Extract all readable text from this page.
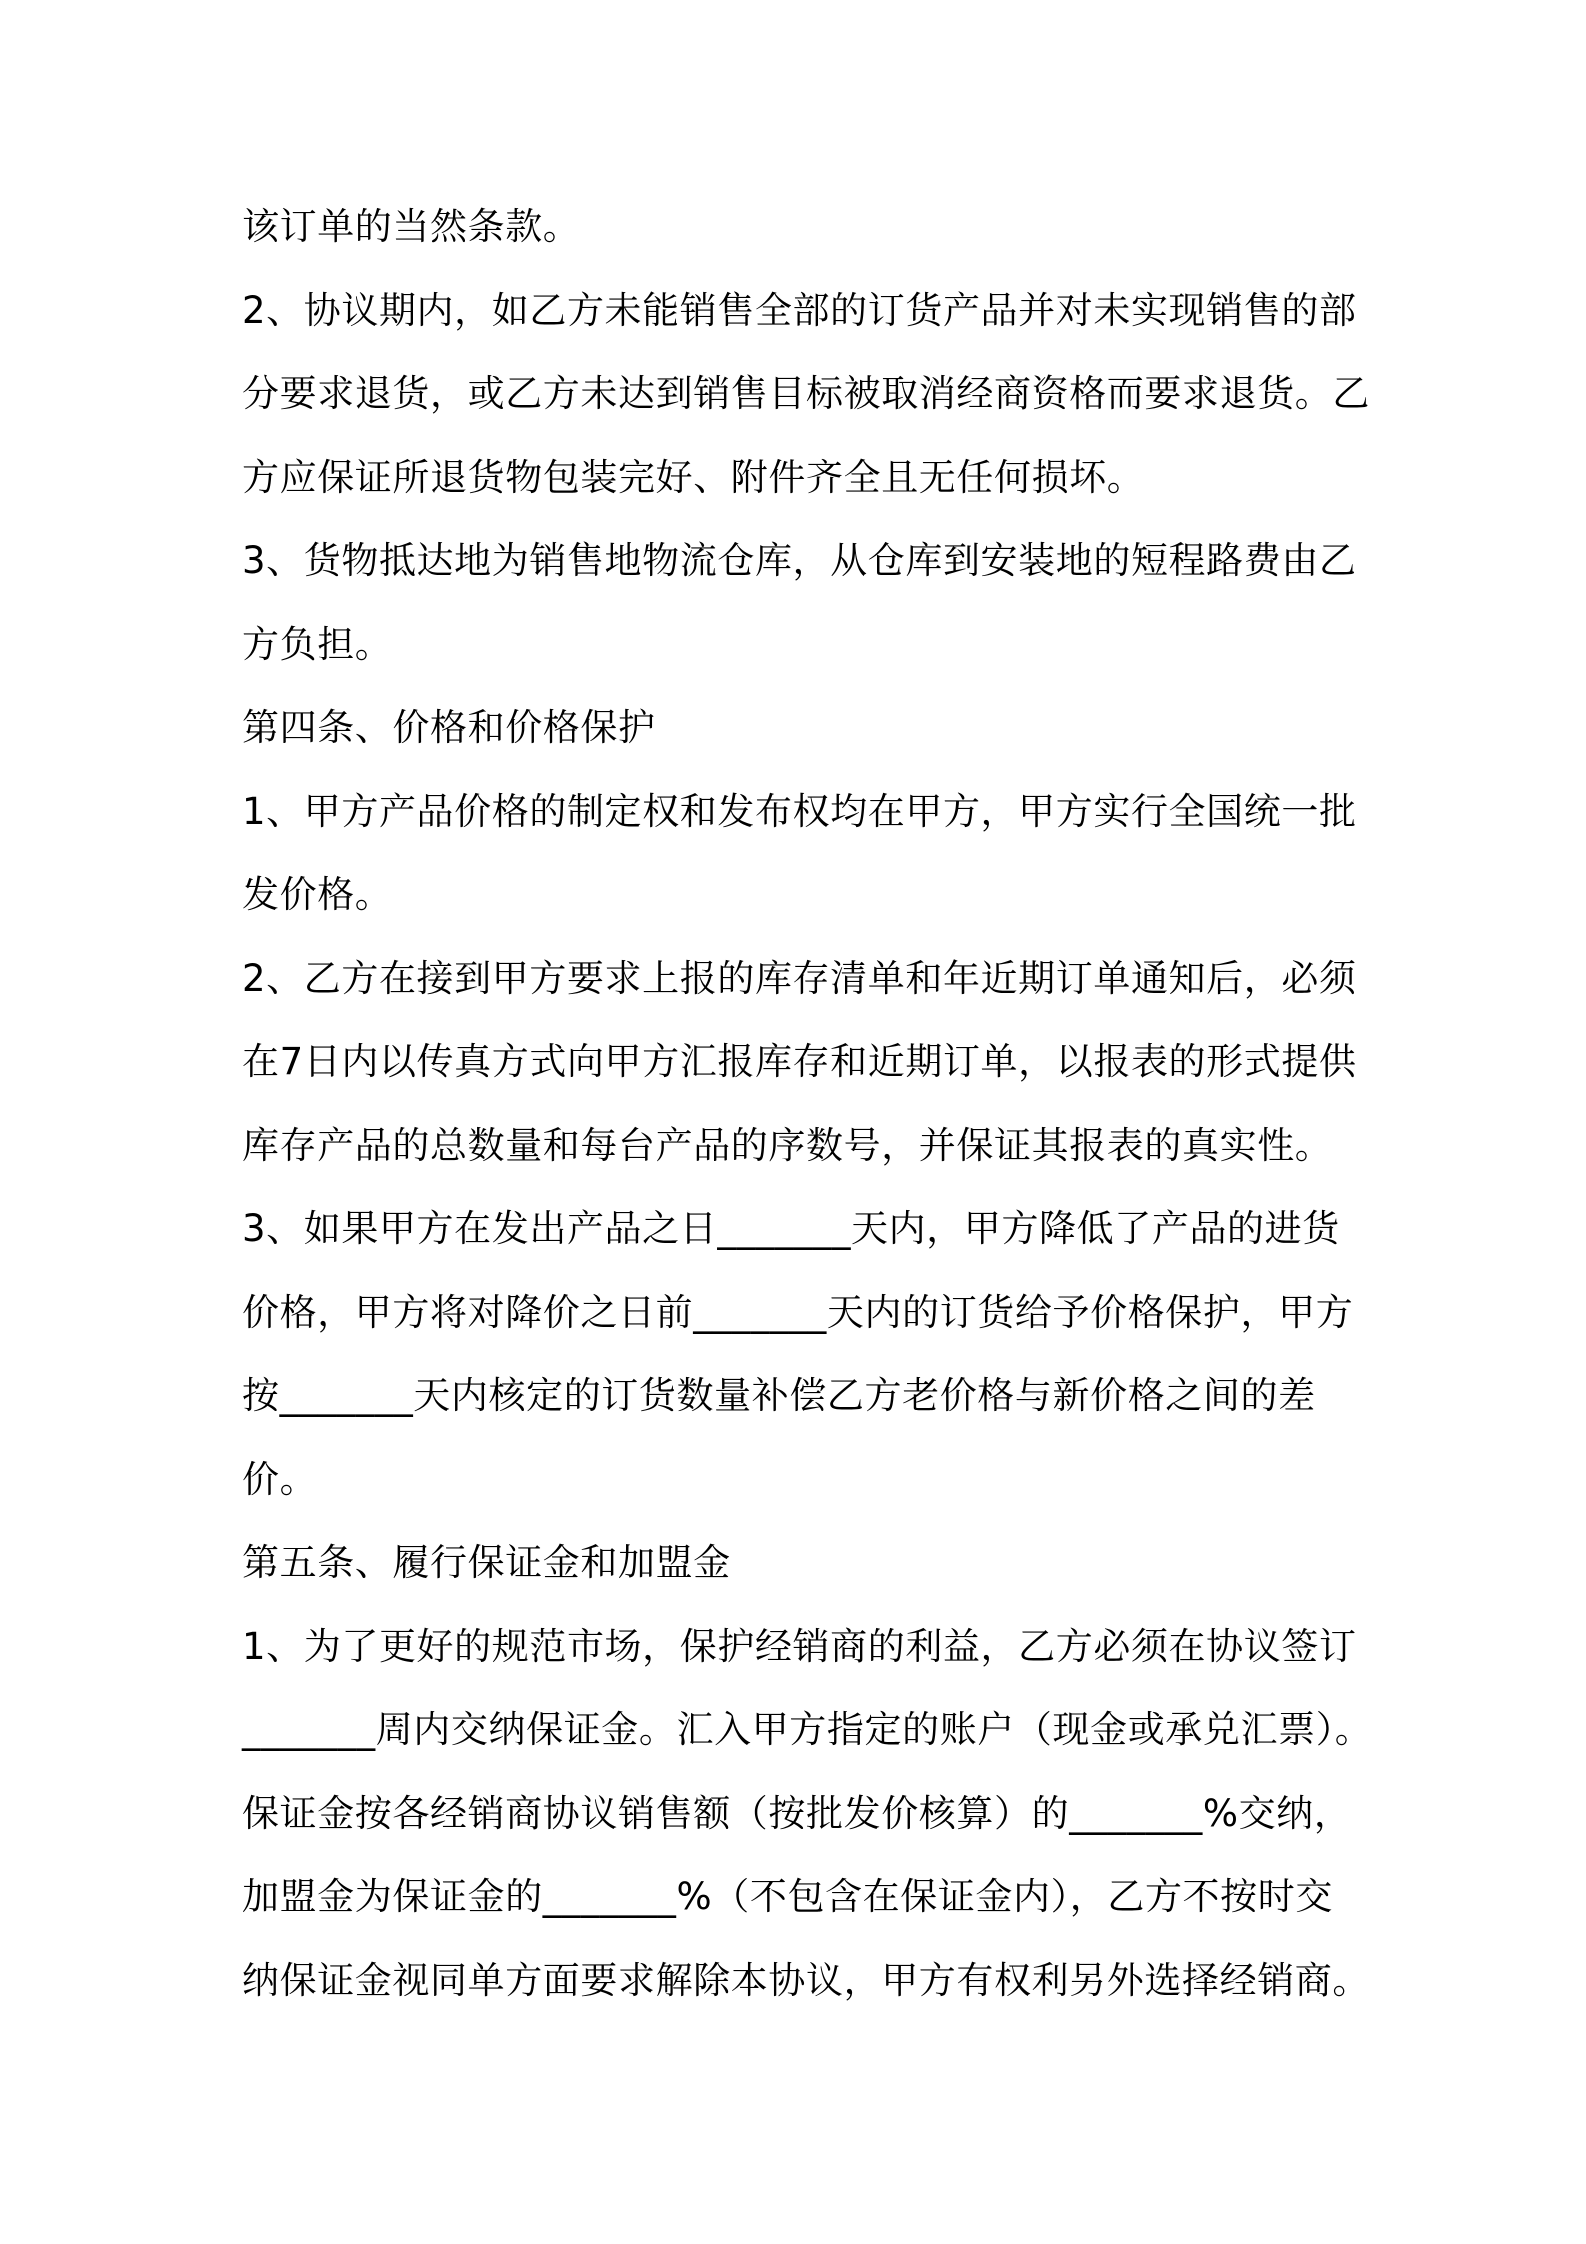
该订单的当然条款。
2、协议期内，如乙方未能销售全部的订货产品并对未实现销售的部
分要求退货，或乙方未达到销售目标被取消经商资格而要求退货。乙
方应保证所退货物包装完好、附件齐全且无任何损坏。
3、货物抵达地为销售地物流仓库，从仓库到安装地的短程路费由乙
方负担。
第四条、价格和价格保护
1、甲方产品价格的制定权和发布权均在甲方，甲方实行全国统一批
发价格。
2、乙方在接到甲方要求上报的库存清单和年近期订单通知后，必须
在7日内以传真方式向甲方汇报库存和近期订单，以报表的形式提供
库存产品的总数量和每台产品的序数号，并保证其报表的真实性。
3、如果甲方在发出产品之日_______天内，甲方降低了产品的进货
价格，甲方将对降价之日前_______天内的订货给予价格保护，甲方
按_______天内核定的订货数量补偿乙方老价格与新价格之间的差
价。
第五条、履行保证金和加盟金
1、为了更好的规范市场，保护经销商的利益，乙方必须在协议签订
_______周内交纳保证金。汇入甲方指定的账户（现金或承兑汇票）。
保证金按各经销商协议销售额（按批发价核算）的_______%交纳，
加盟金为保证金的_______%（不包含在保证金内），乙方不按时交
纳保证金视同单方面要求解除本协议，甲方有权利另外选择经销商。
